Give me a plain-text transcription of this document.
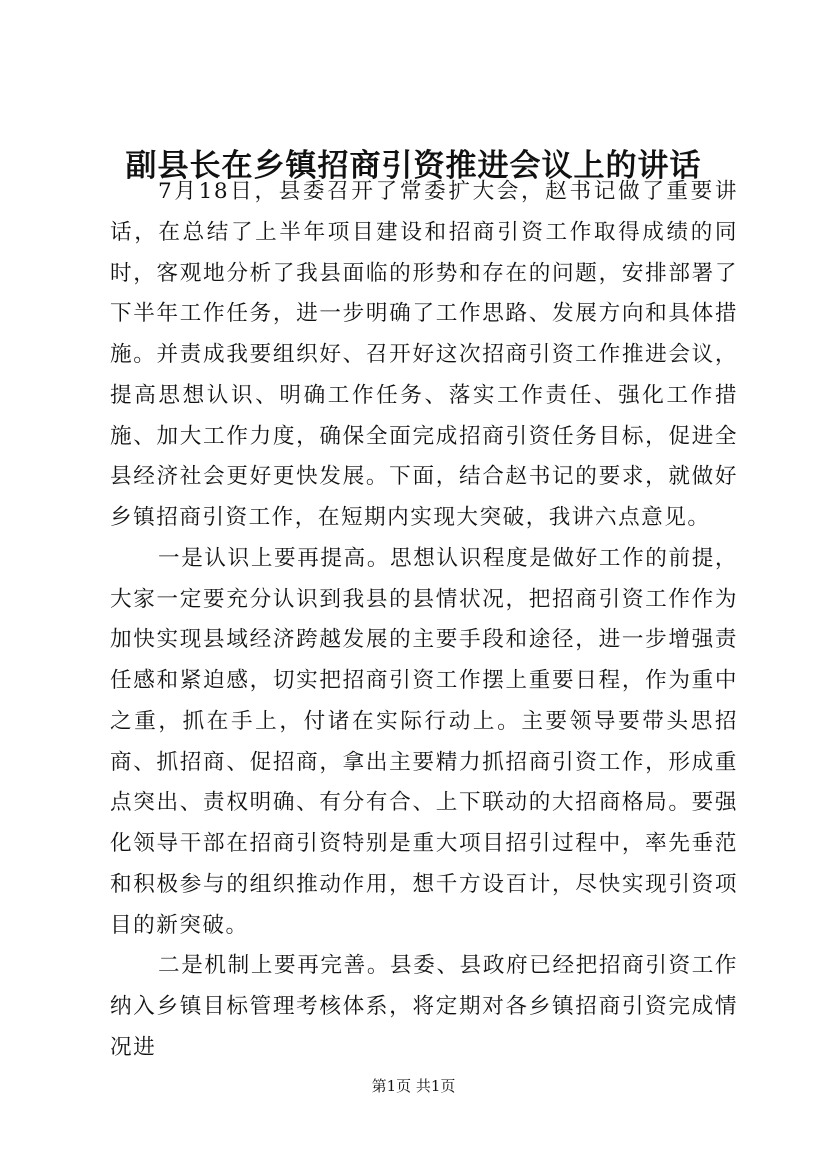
副县长在乡镇招商引资推进会议上的讲话

7月18日，县委召开了常委扩大会，赵书记做了重要讲话，在总结了上半年项目建设和招商引资工作取得成绩的同时，客观地分析了我县面临的形势和存在的问题，安排部署了下半年工作任务，进一步明确了工作思路、发展方向和具体措施。并责成我要组织好、召开好这次招商引资工作推进会议，提高思想认识、明确工作任务、落实工作责任、强化工作措施、加大工作力度，确保全面完成招商引资任务目标，促进全县经济社会更好更快发展。下面，结合赵书记的要求，就做好乡镇招商引资工作，在短期内实现大突破，我讲六点意见。

一是认识上要再提高。思想认识程度是做好工作的前提，大家一定要充分认识到我县的县情状况，把招商引资工作作为加快实现县域经济跨越发展的主要手段和途径，进一步增强责任感和紧迫感，切实把招商引资工作摆上重要日程，作为重中之重，抓在手上，付诸在实际行动上。主要领导要带头思招商、抓招商、促招商，拿出主要精力抓招商引资工作，形成重点突出、责权明确、有分有合、上下联动的大招商格局。要强化领导干部在招商引资特别是重大项目招引过程中，率先垂范和积极参与的组织推动作用，想千方设百计，尽快实现引资项目的新突破。

二是机制上要再完善。县委、县政府已经把招商引资工作纳入乡镇目标管理考核体系，将定期对各乡镇招商引资完成情况进

第1页 共1页
